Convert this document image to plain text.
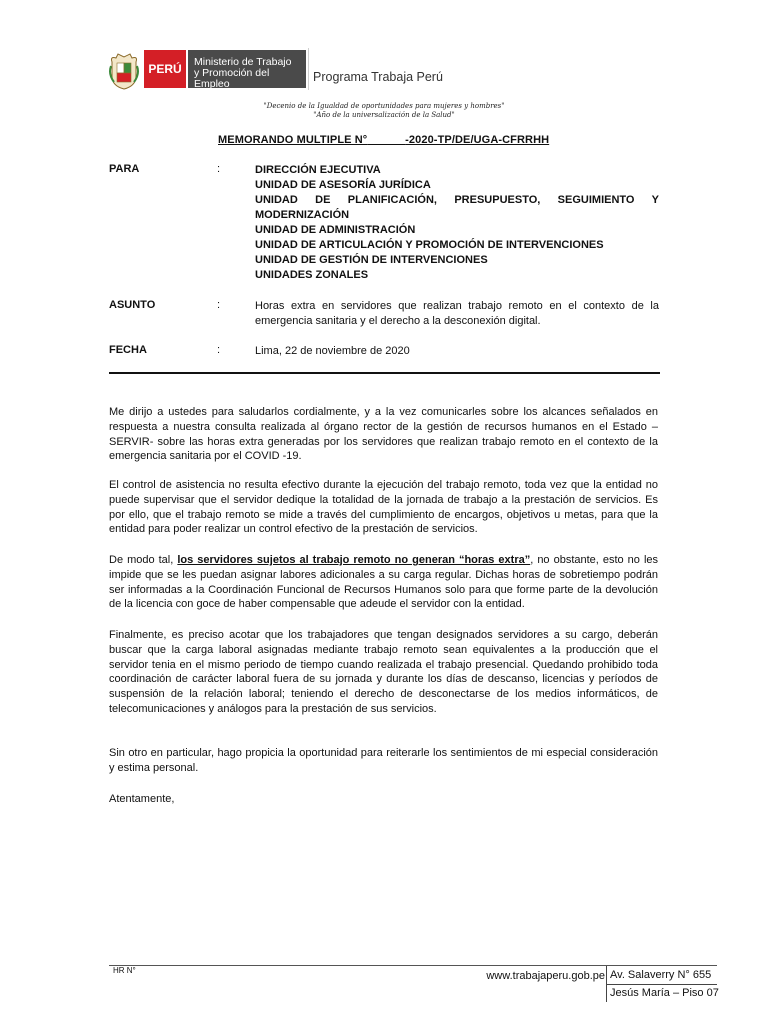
PERÚ	Ministerio de Trabajo
y Promoción del Empleo	Programa Trabaja Perú
"Decenio de la Igualdad de oportunidades para mujeres y hombres"
"Año de la universalización de la Salud"
MEMORANDO MULTIPLE N°	-2020-TP/DE/UGA-CFRRHH
PARA	:	DIRECCIÓN EJECUTIVA
UNIDAD DE ASESORÍA JURÍDICA
UNIDAD DE PLANIFICACIÓN, PRESUPUESTO, SEGUIMIENTO Y
MODERNIZACIÓN
UNIDAD DE ADMINISTRACIÓN
UNIDAD DE ARTICULACIÓN Y PROMOCIÓN DE INTERVENCIONES
UNIDAD DE GESTIÓN DE INTERVENCIONES
UNIDADES ZONALES
ASUNTO	:	Horas extra en servidores que realizan trabajo remoto en el contexto de la emergencia sanitaria y el derecho a la desconexión digital.
FECHA	:	Lima, 22 de noviembre de 2020

Me dirijo a ustedes para saludarlos cordialmente, y a la vez comunicarles sobre los alcances señalados en respuesta a nuestra consulta realizada al órgano rector de la gestión de recursos humanos en el Estado – SERVIR- sobre las horas extra generadas por los servidores que realizan trabajo remoto en el contexto de la emergencia sanitaria por el COVID -19.

El control de asistencia no resulta efectivo durante la ejecución del trabajo remoto, toda vez que la entidad no puede supervisar que el servidor dedique la totalidad de la jornada de trabajo a la prestación de servicios. Es por ello, que el trabajo remoto se mide a través del cumplimiento de encargos, objetivos u metas, para que la entidad para poder realizar un control efectivo de la prestación de servicios.

De modo tal, los servidores sujetos al trabajo remoto no generan “horas extra”, no obstante, esto no les impide que se les puedan asignar labores adicionales a su carga regular. Dichas horas de sobretiempo podrán ser informadas a la Coordinación Funcional de Recursos Humanos solo para que forme parte de la devolución de la licencia con goce de haber compensable que adeude el servidor con la entidad.

Finalmente, es preciso acotar que los trabajadores que tengan designados servidores a su cargo, deberán buscar que la carga laboral asignadas mediante trabajo remoto sean equivalentes a la producción que el servidor tenia en el mismo periodo de tiempo cuando realizada el trabajo presencial. Quedando prohibido toda coordinación de carácter laboral fuera de su jornada y durante los días de descanso, licencias y períodos de suspensión de la relación laboral; teniendo el derecho de desconectarse de los medios informáticos, de telecomunicaciones y análogos para la prestación de sus servicios.

Sin otro en particular, hago propicia la oportunidad para reiterarle los sentimientos de mi especial consideración y estima personal.

Atentamente,
HR N°	www.trabajaperu.gob.pe Av. Salaverry N° 655
Jesús María – Piso 07
